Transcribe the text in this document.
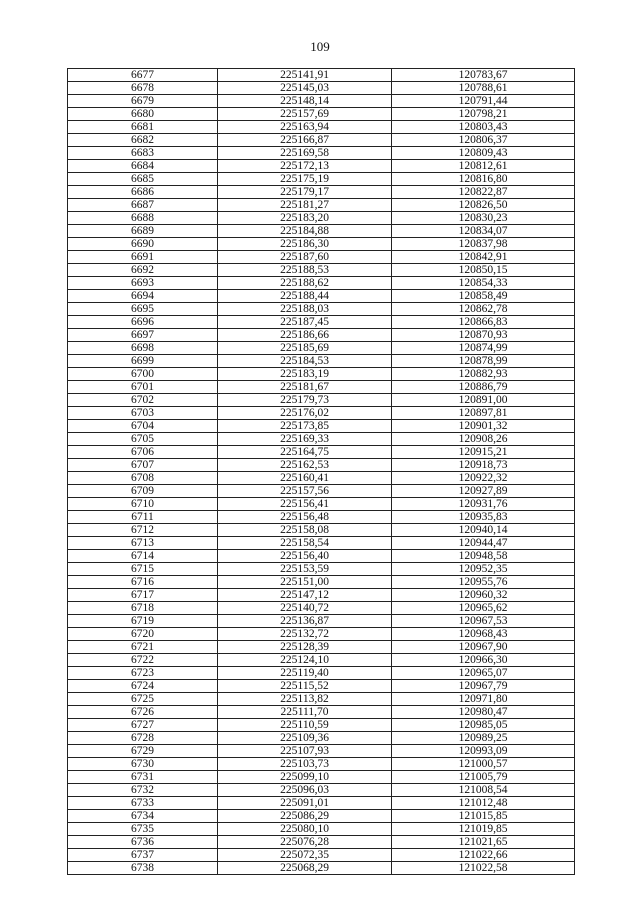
109
6677	225141,91	120783,67
6678	225145,03	120788,61
6679	225148,14	120791,44
6680	225157,69	120798,21
6681	225163,94	120803,43
6682	225166,87	120806,37
6683	225169,58	120809,43
6684	225172,13	120812,61
6685	225175,19	120816,80
6686	225179,17	120822,87
6687	225181,27	120826,50
6688	225183,20	120830,23
6689	225184,88	120834,07
6690	225186,30	120837,98
6691	225187,60	120842,91
6692	225188,53	120850,15
6693	225188,62	120854,33
6694	225188,44	120858,49
6695	225188,03	120862,78
6696	225187,45	120866,83
6697	225186,66	120870,93
6698	225185,69	120874,99
6699	225184,53	120878,99
6700	225183,19	120882,93
6701	225181,67	120886,79
6702	225179,73	120891,00
6703	225176,02	120897,81
6704	225173,85	120901,32
6705	225169,33	120908,26
6706	225164,75	120915,21
6707	225162,53	120918,73
6708	225160,41	120922,32
6709	225157,56	120927,89
6710	225156,41	120931,76
6711	225156,48	120935,83
6712	225158,08	120940,14
6713	225158,54	120944,47
6714	225156,40	120948,58
6715	225153,59	120952,35
6716	225151,00	120955,76
6717	225147,12	120960,32
6718	225140,72	120965,62
6719	225136,87	120967,53
6720	225132,72	120968,43
6721	225128,39	120967,90
6722	225124,10	120966,30
6723	225119,40	120965,07
6724	225115,52	120967,79
6725	225113,82	120971,80
6726	225111,70	120980,47
6727	225110,59	120985,05
6728	225109,36	120989,25
6729	225107,93	120993,09
6730	225103,73	121000,57
6731	225099,10	121005,79
6732	225096,03	121008,54
6733	225091,01	121012,48
6734	225086,29	121015,85
6735	225080,10	121019,85
6736	225076,28	121021,65
6737	225072,35	121022,66
6738	225068,29	121022,58
